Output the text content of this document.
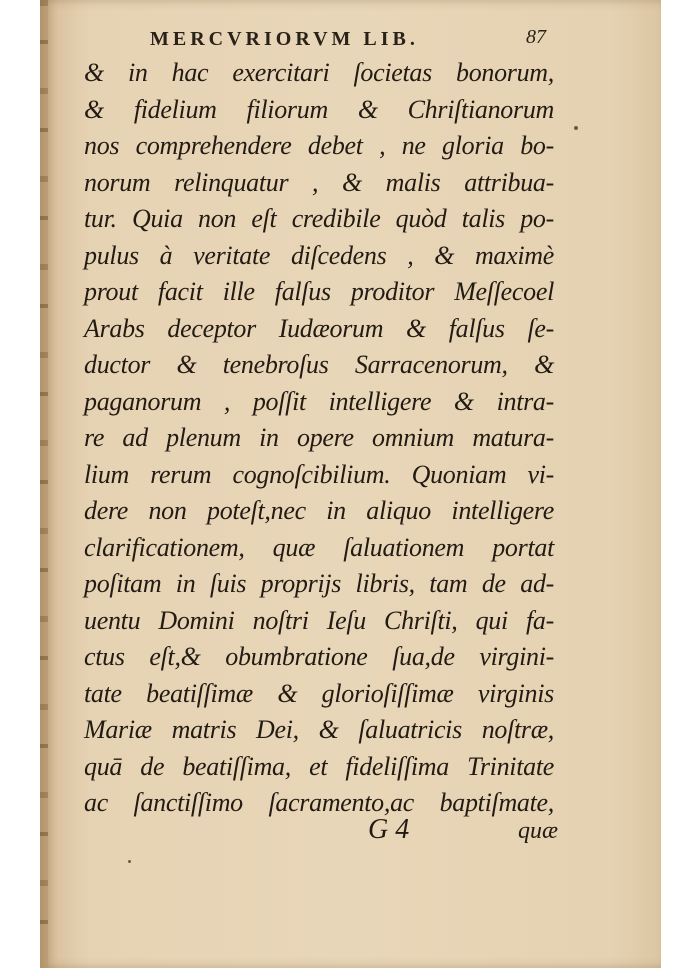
MERCVRIORVM LIB.	87
& in hac exercitari ſocietas bonorum,
& fidelium filiorum & Chriſtianorum
nos comprehendere debet , ne gloria bo-
norum relinquatur , & malis attribua-
tur. Quia non eſt credibile quòd talis po-
pulus à veritate diſcedens , & maximè
prout facit ille falſus proditor Meſſecoel
Arabs deceptor Iudæorum & falſus ſe-
ductor & tenebroſus Sarracenorum, &
paganorum , poſſit intelligere & intra-
re ad plenum in opere omnium matura-
lium rerum cognoſcibilium. Quoniam vi-
dere non poteſt,nec in aliquo intelligere
clarificationem, quæ ſaluationem portat
poſitam in ſuis proprijs libris, tam de ad-
uentu Domini noſtri Ieſu Chriſti, qui fa-
ctus eſt,& obumbratione ſua,de virgini-
tate beatiſſimæ & glorioſiſſimæ virginis
Mariæ matris Dei, & ſaluatricis noſtræ,
quā de beatiſſima, et fideliſſima Trinitate
ac ſanctiſſimo ſacramento,ac baptiſmate,
G 4	quæ
